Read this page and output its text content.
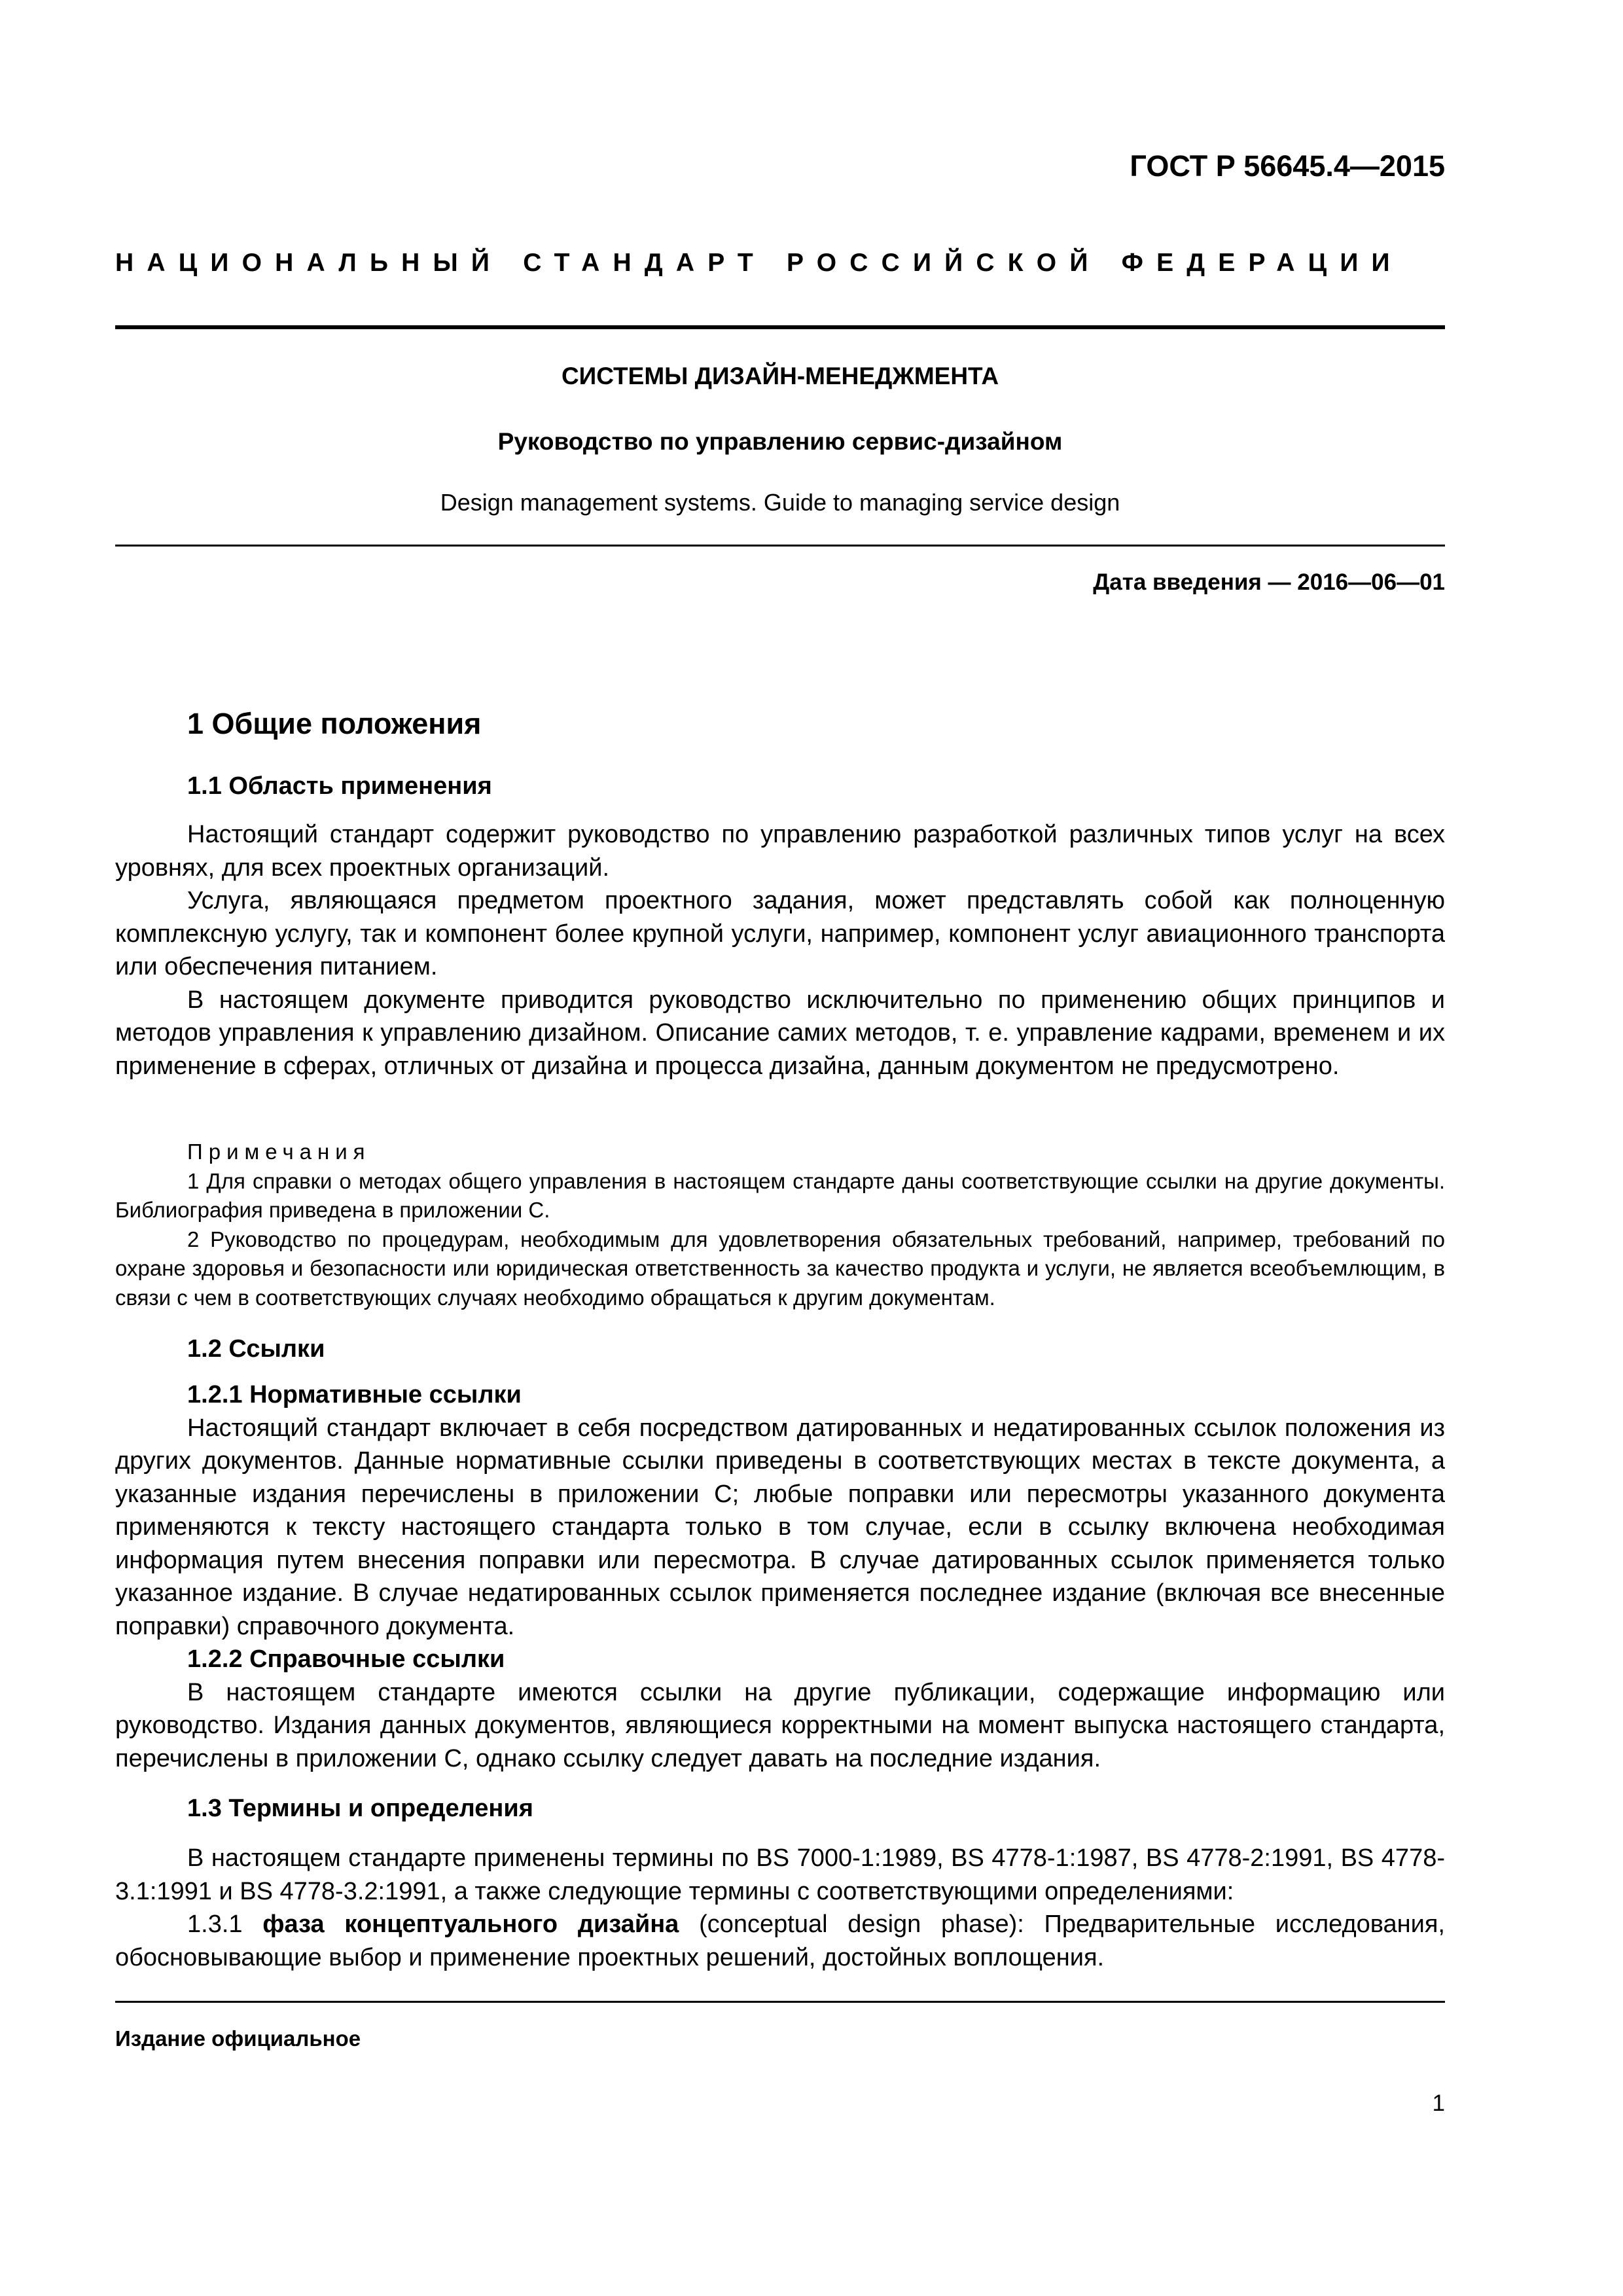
ГОСТ Р 56645.4—2015
НАЦИОНАЛЬНЫЙ СТАНДАРТ РОССИЙСКОЙ ФЕДЕРАЦИИ
СИСТЕМЫ ДИЗАЙН-МЕНЕДЖМЕНТА
Руководство по управлению сервис-дизайном
Design management systems. Guide to managing service design
Дата введения — 2016—06—01
1 Общие положения
1.1 Область применения

Настоящий стандарт содержит руководство по управлению разработкой различных типов услуг на всех уровнях, для всех проектных организаций.

Услуга, являющаяся предметом проектного задания, может представлять собой как полноценную комплексную услугу, так и компонент более крупной услуги, например, компонент услуг авиационного транспорта или обеспечения питанием.

В настоящем документе приводится руководство исключительно по применению общих принципов и методов управления к управлению дизайном. Описание самих методов, т. е. управление кадрами, временем и их применение в сферах, отличных от дизайна и процесса дизайна, данным документом не предусмотрено.

Примечания

1 Для справки о методах общего управления в настоящем стандарте даны соответствующие ссылки на другие документы. Библиография приведена в приложении С.

2 Руководство по процедурам, необходимым для удовлетворения обязательных требований, например, требований по охране здоровья и безопасности или юридическая ответственность за качество продукта и услуги, не является всеобъемлющим, в связи с чем в соответствующих случаях необходимо обращаться к другим документам.

1.2 Ссылки

1.2.1 Нормативные ссылки

Настоящий стандарт включает в себя посредством датированных и недатированных ссылок положения из других документов. Данные нормативные ссылки приведены в соответствующих местах в тексте документа, а указанные издания перечислены в приложении С; любые поправки или пересмотры указанного документа применяются к тексту настоящего стандарта только в том случае, если в ссылку включена необходимая информация путем внесения поправки или пересмотра. В случае датированных ссылок применяется только указанное издание. В случае недатированных ссылок применяется последнее издание (включая все внесенные поправки) справочного документа.

1.2.2 Справочные ссылки

В настоящем стандарте имеются ссылки на другие публикации, содержащие информацию или руководство. Издания данных документов, являющиеся корректными на момент выпуска настоящего стандарта, перечислены в приложении С, однако ссылку следует давать на последние издания.

1.3 Термины и определения

В настоящем стандарте применены термины по BS 7000-1:1989, BS 4778-1:1987, BS 4778-2:1991, BS 4778-3.1:1991 и BS 4778-3.2:1991, а также следующие термины с соответствующими определениями:

1.3.1 фаза концептуального дизайна (conceptual design phase): Предварительные исследования, обосновывающие выбор и применение проектных решений, достойных воплощения.

Издание официальное
1
